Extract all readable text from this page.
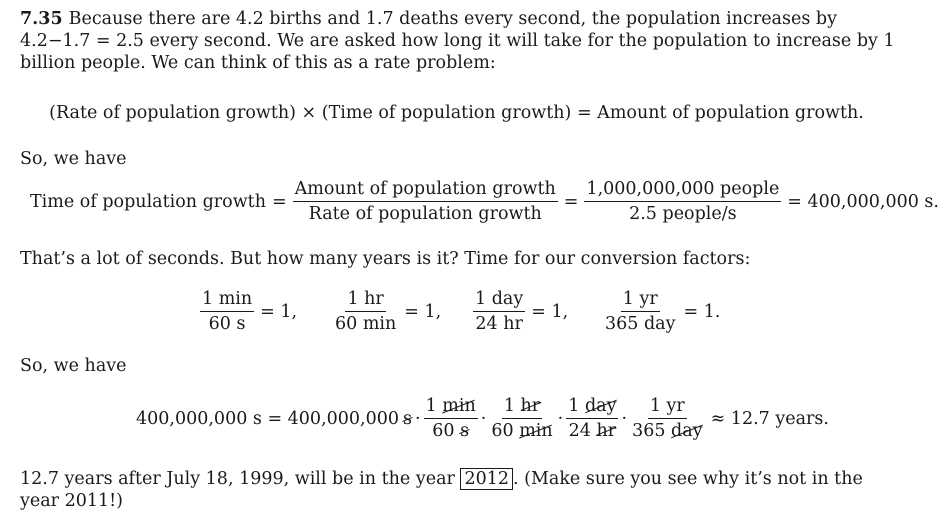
7.35 Because there are 4.2 births and 1.7 deaths every second, the population increases by 4.2−1.7 = 2.5 every second. We are asked how long it will take for the population to increase by 1 billion people. We can think of this as a rate problem:
(Rate of population growth) × (Time of population growth) = Amount of population growth.
So, we have
Time of population growth = $\frac{\text{Amount of population growth}}{\text{Rate of population growth}} = \frac{\text{1,000,000,000 people}}{\text{2.5 people/s}} = 400,000,000$ s.
That’s a lot of seconds. But how many years is it? Time for our conversion factors:
$\frac{1 \min}{60 s} = 1$, $\frac{1 hr}{60 \min} = 1$, $\frac{\text{1 day}}{24 hr} = 1$, $\frac{1 yr}{\text{365 day}} = 1$.
So, we have
400,000,000 s = 400,000,000 $s \cdot \frac{1 \min}{60 s} \cdot \frac{1 hr}{60 \min} \cdot \frac{\text{1 day}}{24 hr} \cdot \frac{1 yr}{\text{365 day}} \approx 12.7$ years.
12.7 years after July 18, 1999, will be in the year 2012 . (Make sure you see why it’s not in the year 2011!)
